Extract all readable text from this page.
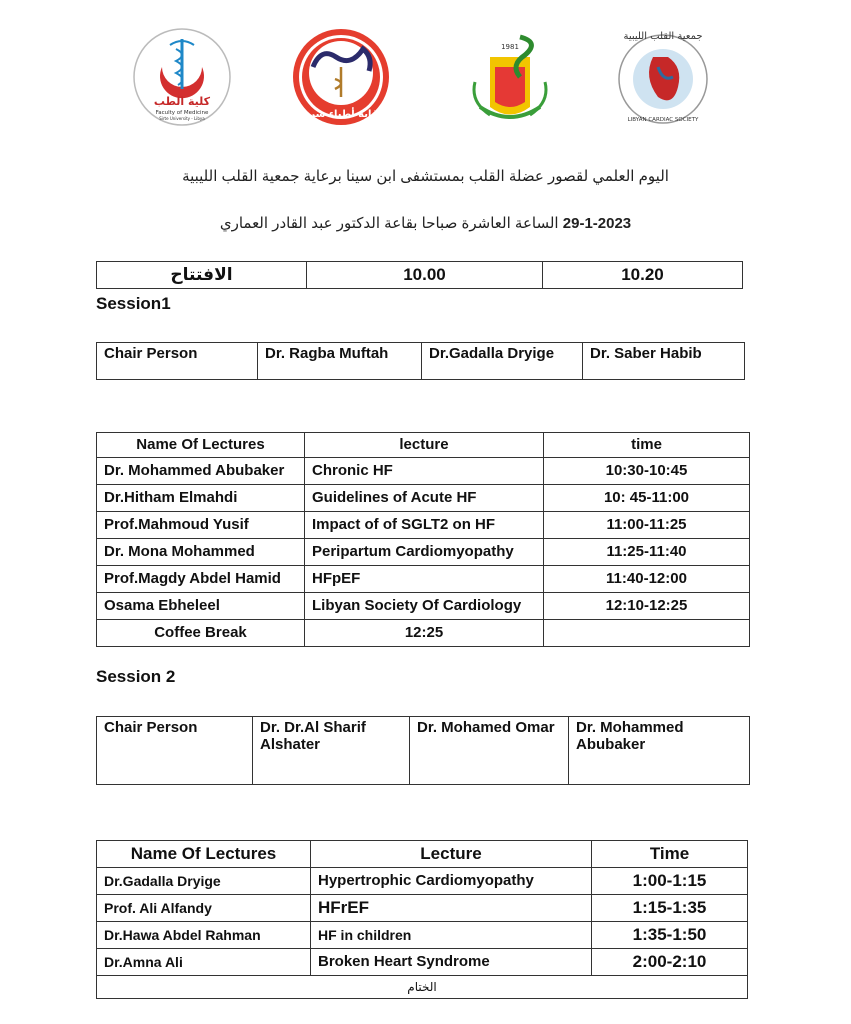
كلية الطب
Faculty of Medicine
Sirte University - Libya	نقابة أطباء سرت
1981
جمعية القلب الليبية
LIBYAN CARDIAC SOCIETY
اليوم العلمي لقصور عضلة القلب بمستشفى ابن سينا برعاية جمعية القلب الليبية
29-1-2023 الساعة العاشرة صباحا بقاعة الدكتور عبد القادر العماري
الافتتاح	10.00	10.20
Session1
Chair Person	Dr. Ragba Muftah	Dr.Gadalla Dryige	Dr. Saber Habib
Name Of Lectures	lecture	time
Dr. Mohammed Abubaker	Chronic HF	10:30-10:45
Dr.Hitham Elmahdi	Guidelines of Acute HF	10: 45-11:00
Prof.Mahmoud Yusif	Impact of of SGLT2 on HF	11:00-11:25
Dr. Mona Mohammed	Peripartum Cardiomyopathy	11:25-11:40
Prof.Magdy Abdel Hamid	HFpEF	11:40-12:00
Osama Ebheleel	Libyan Society Of Cardiology	12:10-12:25
Coffee Break	12:25	
Session 2
Chair Person	Dr. Dr.Al Sharif Alshater	Dr. Mohamed Omar	Dr. Mohammed Abubaker
Name Of Lectures	Lecture	Time
Dr.Gadalla Dryige	Hypertrophic Cardiomyopathy	1:00-1:15
Prof. Ali Alfandy	HFrEF	1:15-1:35
Dr.Hawa Abdel Rahman	HF in children	1:35-1:50
Dr.Amna Ali	Broken Heart Syndrome	2:00-2:10
الختام		
